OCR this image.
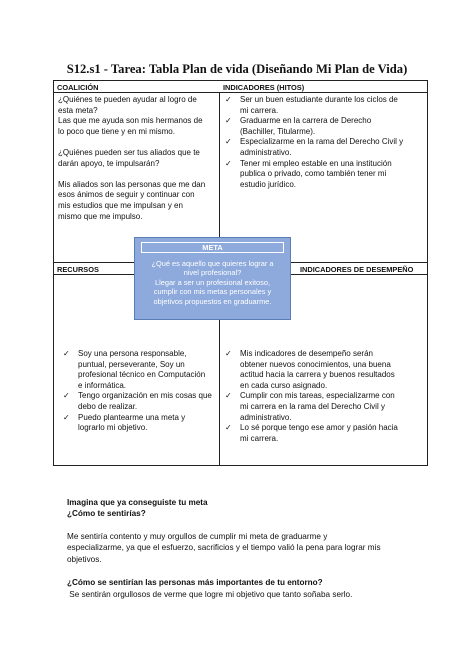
S12.s1 - Tarea: Tabla Plan de vida (Diseñando Mi Plan de Vida)
COALICIÓN	INDICADORES (HITOS)
RECURSOS	INDICADORES DE DESEMPEÑO

¿Quiénes te pueden ayudar al logro de

esta meta?

Las que me ayuda son mis hermanos de

lo poco que tiene y en mi mismo.

¿Quiénes pueden ser tus aliados que te

darán apoyo, te impulsarán?

Mis aliados son las personas que me dan

esos ánimos de seguir y continuar con

mis estudios que me impulsan y en

mismo que me impulso.

✓ Ser un buen estudiante durante los ciclos de
mi carrera.
✓ Graduarme en la carrera de Derecho
(Bachiller, Titularme).
✓ Especializarme en la rama del Derecho Civil y
administrativo.
✓ Tener mi empleo estable en una institución
publica o privado, como también tener mi
estudio jurídico.
META
¿Qué es aquello que quieres lograr a
nivel profesional?
Llegar a ser un profesional exitoso,
cumplir con mis metas personales y
objetivos propuestos en graduarme.
✓ Soy una persona responsable,
puntual, perseverante, Soy un
profesional técnico en Computación
e informática.
✓ Tengo organización en mis cosas que
debo de realizar.
✓ Puedo plantearme una meta y
lograrlo mi objetivo.
✓ Mis indicadores de desempeño serán
obtener nuevos conocimientos, una buena
actitud hacia la carrera y buenos resultados
en cada curso asignado.
✓ Cumplir con mis tareas, especializarme con
mi carrera en la rama del Derecho Civil y
administrativo.
✓ Lo sé porque tengo ese amor y pasión hacia
mi carrera.
Imagina que ya conseguiste tu meta
¿Cómo te sentirías?
Me sentiría contento y muy orgullos de cumplir mi meta de graduarme y
especializarme, ya que el esfuerzo, sacrificios y el tiempo valió la pena para lograr mis
objetivos.
¿Cómo se sentirían las personas más importantes de tu entorno?
Se sentirán orgullosos de verme que logre mi objetivo que tanto soñaba serlo.
